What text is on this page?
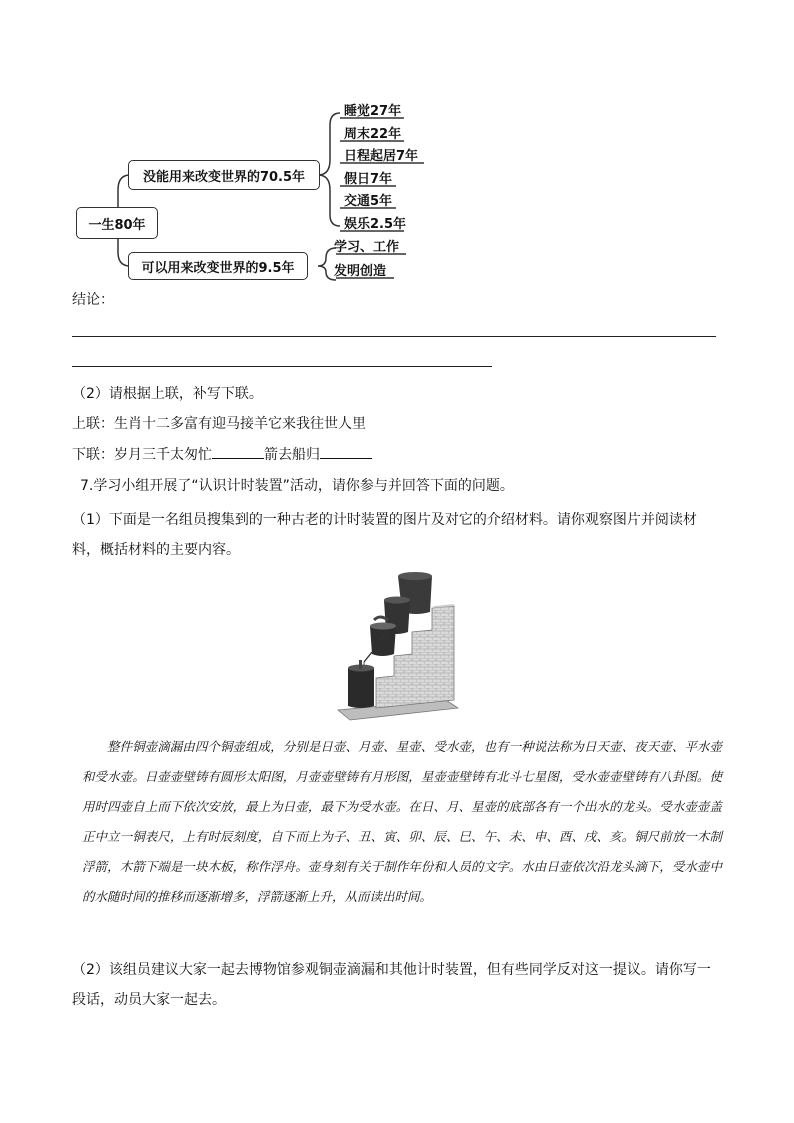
一生80年
没能用来改变世界的70.5年
可以用来改变世界的9.5年
睡觉27年
周末22年
日程起居7年
假日7年
交通5年
娱乐2.5年
学习、工作
发明创造
结论：
（2）请根据上联，补写下联。
上联：生肖十二多富有迎马接羊它来我往世人里
下联：岁月三千太匆忙	箭去船归
7.学习小组开展了“认识计时装置”活动，请你参与并回答下面的问题。
（1）下面是一名组员搜集到的一种古老的计时装置的图片及对它的介绍材料。请你观察图片并阅读材
料，概括材料的主要内容。
整件铜壶滴漏由四个铜壶组成，分别是日壶、月壶、星壶、受水壶，也有一种说法称为日天壶、夜天壶、平水壶和受水壶。日壶壶壁铸有圆形太阳图，月壶壶壁铸有月形图，星壶壶壁铸有北斗七星图，受水壶壶壁铸有八卦图。使用时四壶自上而下依次安放，最上为日壶，最下为受水壶。在日、月、星壶的底部各有一个出水的龙头。受水壶壶盖正中立一铜表尺，上有时辰刻度，自下而上为子、丑、寅、卯、辰、巳、午、未、申、酉、戌、亥。铜尺前放一木制浮箭，木箭下端是一块木板，称作浮舟。壶身刻有关于制作年份和人员的文字。水由日壶依次沿龙头滴下，受水壶中的水随时间的推移而逐渐增多，浮箭逐渐上升，从而读出时间。
（2）该组员建议大家一起去博物馆参观铜壶滴漏和其他计时装置，但有些同学反对这一提议。请你写一
段话，动员大家一起去。
